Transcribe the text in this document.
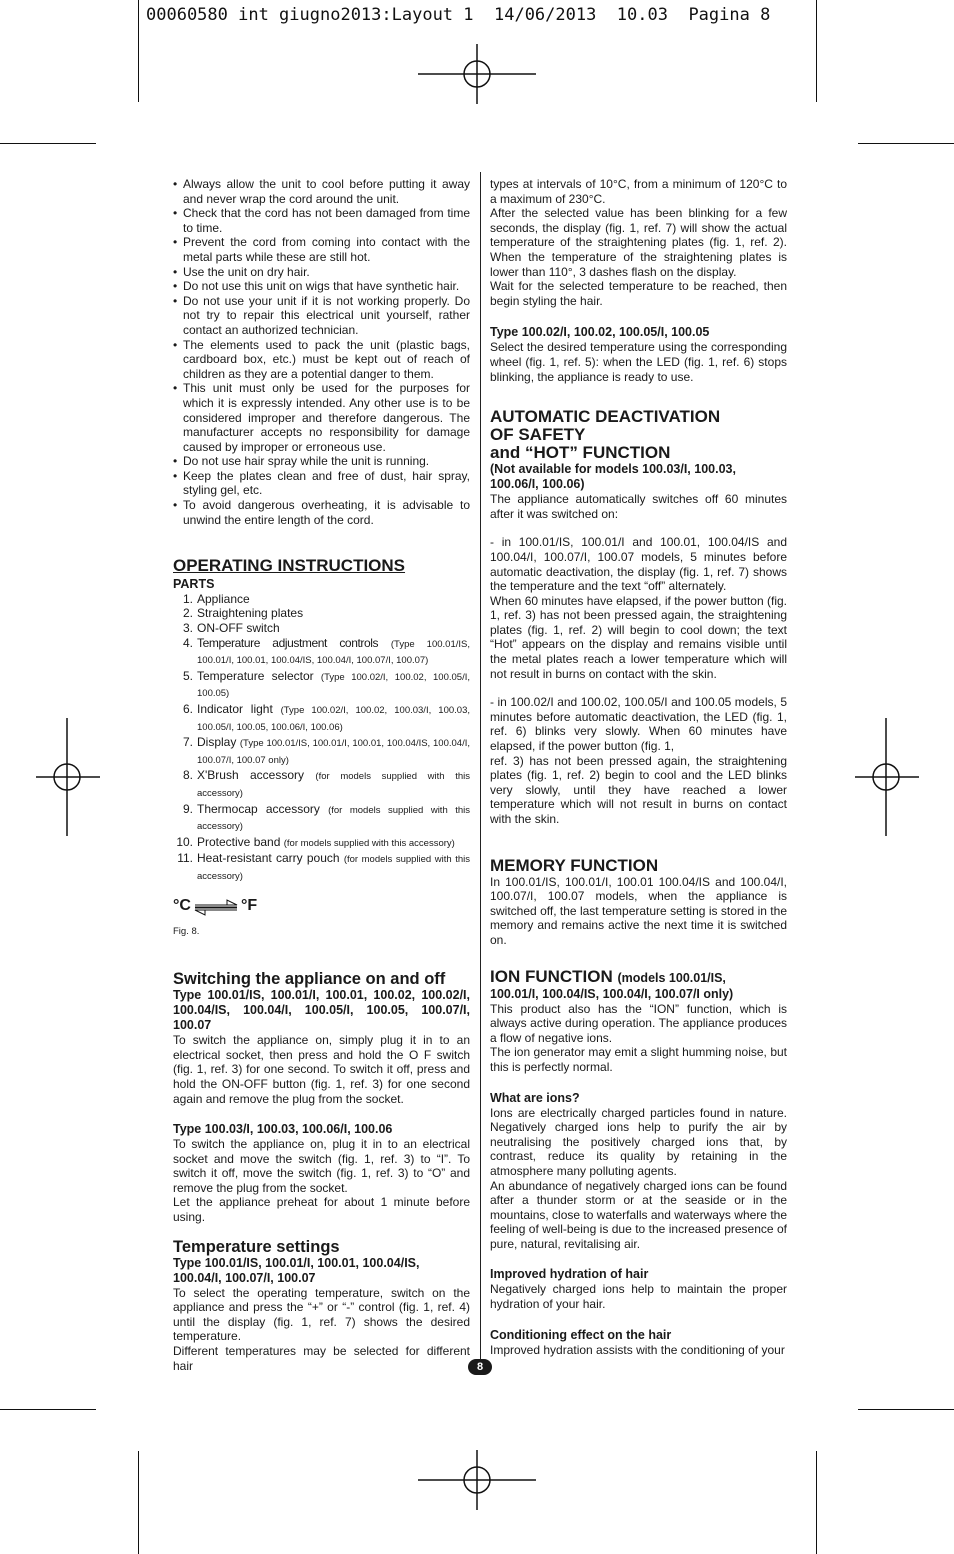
00060580 int giugno2013:Layout 1  14/06/2013  10.03  Pagina 8
• Always allow the unit to cool before putting it away and never wrap the cord around the unit.
• Check that the cord has not been damaged from time to time.
• Prevent the cord from coming into contact with the metal parts while these are still hot.
• Use the unit on dry hair.
• Do not use this unit on wigs that have synthetic hair.
• Do not use your unit if it is not working properly. Do not try to repair this electrical unit yourself, rather contact an authorized technician.
• The elements used to pack the unit (plastic bags, cardboard box, etc.) must be kept out of reach of children as they are a potential danger to them.
• This unit must only be used for the purposes for which it is expressly intended. Any other use is to be considered improper and therefore dangerous. The manufacturer accepts no responsibility for damage caused by improper or erroneous use.
• Do not use hair spray while the unit is running.
• Keep the plates clean and free of dust, hair spray, styling gel, etc.
• To avoid dangerous overheating, it is advisable to unwind the entire length of the cord.
OPERATING INSTRUCTIONS
PARTS
1. Appliance
2. Straightening plates
3. ON-OFF switch
4. Temperature adjustment controls (Type 100.01/IS, 100.01/I, 100.01, 100.04/IS, 100.04/I, 100.07/I, 100.07)
5. Temperature selector (Type 100.02/I, 100.02, 100.05/I, 100.05)
6. Indicator light (Type 100.02/I, 100.02, 100.03/I, 100.03, 100.05/I, 100.05, 100.06/I, 100.06)
7. Display (Type 100.01/IS, 100.01/I, 100.01, 100.04/IS, 100.04/I, 100.07/I, 100.07 only)
8. X'Brush accessory (for models supplied with this accessory)
9. Thermocap accessory (for models supplied with this accessory)
10. Protective band (for models supplied with this accessory)
11. Heat-resistant carry pouch (for models supplied with this accessory)
°C	°F
Fig. 8.
Switching the appliance on and off
Type 100.01/IS, 100.01/I, 100.01, 100.02, 100.02/I, 100.04/IS, 100.04/I, 100.05/I, 100.05, 100.07/I, 100.07

To switch the appliance on, simply plug it in to an electrical socket, then press and hold the O F switch (fig. 1, ref. 3) for one second. To switch it off, press and hold the ON-OFF button (fig. 1, ref. 3) for one second again and remove the plug from the socket.

Type 100.03/I, 100.03, 100.06/I, 100.06

To switch the appliance on, plug it in to an electrical socket and move the switch (fig. 1, ref. 3) to “I”. To switch it off, move the switch (fig. 1, ref. 3) to “O” and remove the plug from the socket.

Let the appliance preheat for about 1 minute before using.

Temperature settings
Type 100.01/IS, 100.01/I, 100.01, 100.04/IS, 100.04/I, 100.07/I, 100.07

To select the operating temperature, switch on the appliance and press the “+” or “-” control (fig. 1, ref. 4) until the display (fig. 1, ref. 7) shows the desired temperature.

Different temperatures may be selected for different hair

types at intervals of 10°C, from a minimum of 120°C to a maximum of 230°C.

After the selected value has been blinking for a few seconds, the display (fig. 1, ref. 7) will show the actual temperature of the straightening plates (fig. 1, ref. 2). When the temperature of the straightening plates is lower than 110°, 3 dashes flash on the display.

Wait for the selected temperature to be reached, then begin styling the hair.

Type 100.02/I, 100.02, 100.05/I, 100.05

Select the desired temperature using the corresponding wheel (fig. 1, ref. 5): when the LED (fig. 1, ref. 6) stops blinking, the appliance is ready to use.

AUTOMATIC DEACTIVATION
OF SAFETY
and “HOT” FUNCTION
(Not available for models 100.03/I, 100.03, 100.06/I, 100.06)

The appliance automatically switches off 60 minutes after it was switched on:

- in 100.01/IS, 100.01/I and 100.01, 100.04/IS and 100.04/I, 100.07/I, 100.07 models, 5 minutes before automatic deactivation, the display (fig. 1, ref. 7) shows the temperature and the text “off” alternately.

When 60 minutes have elapsed, if the power button (fig. 1, ref. 3) has not been pressed again, the straightening plates (fig. 1, ref. 2) will begin to cool down; the text “Hot” appears on the display and remains visible until the metal plates reach a lower temperature which will not result in burns on contact with the skin.

- in 100.02/I and 100.02, 100.05/I and 100.05 models, 5 minutes before automatic deactivation, the LED (fig. 1, ref. 6) blinks very slowly. When 60 minutes have elapsed, if the power button (fig. 1,

ref. 3) has not been pressed again, the straightening plates (fig. 1, ref. 2) begin to cool and the LED blinks very slowly, until they have reached a lower temperature which will not result in burns on contact with the skin.

MEMORY FUNCTION

In 100.01/IS, 100.01/I, 100.01 100.04/IS and 100.04/I, 100.07/I, 100.07 models, when the appliance is switched off, the last temperature setting is stored in the memory and remains active the next time it is switched on.

ION FUNCTION (models 100.01/IS,
100.01/I, 100.04/IS, 100.04/I, 100.07/I only)

This product also has the “ION” function, which is always active during operation. The appliance produces a flow of negative ions.

The ion generator may emit a slight humming noise, but this is perfectly normal.

What are ions?

Ions are electrically charged particles found in nature. Negatively charged ions help to purify the air by neutralising the positively charged ions that, by contrast, reduce its quality by retaining in the atmosphere many polluting agents.

An abundance of negatively charged ions can be found after a thunder storm or at the seaside or in the mountains, close to waterfalls and waterways where the feeling of well-being is due to the increased presence of pure, natural, revitalising air.

Improved hydration of hair

Negatively charged ions help to maintain the proper hydration of your hair.

Conditioning effect on the hair

Improved hydration assists with the conditioning of your

8
